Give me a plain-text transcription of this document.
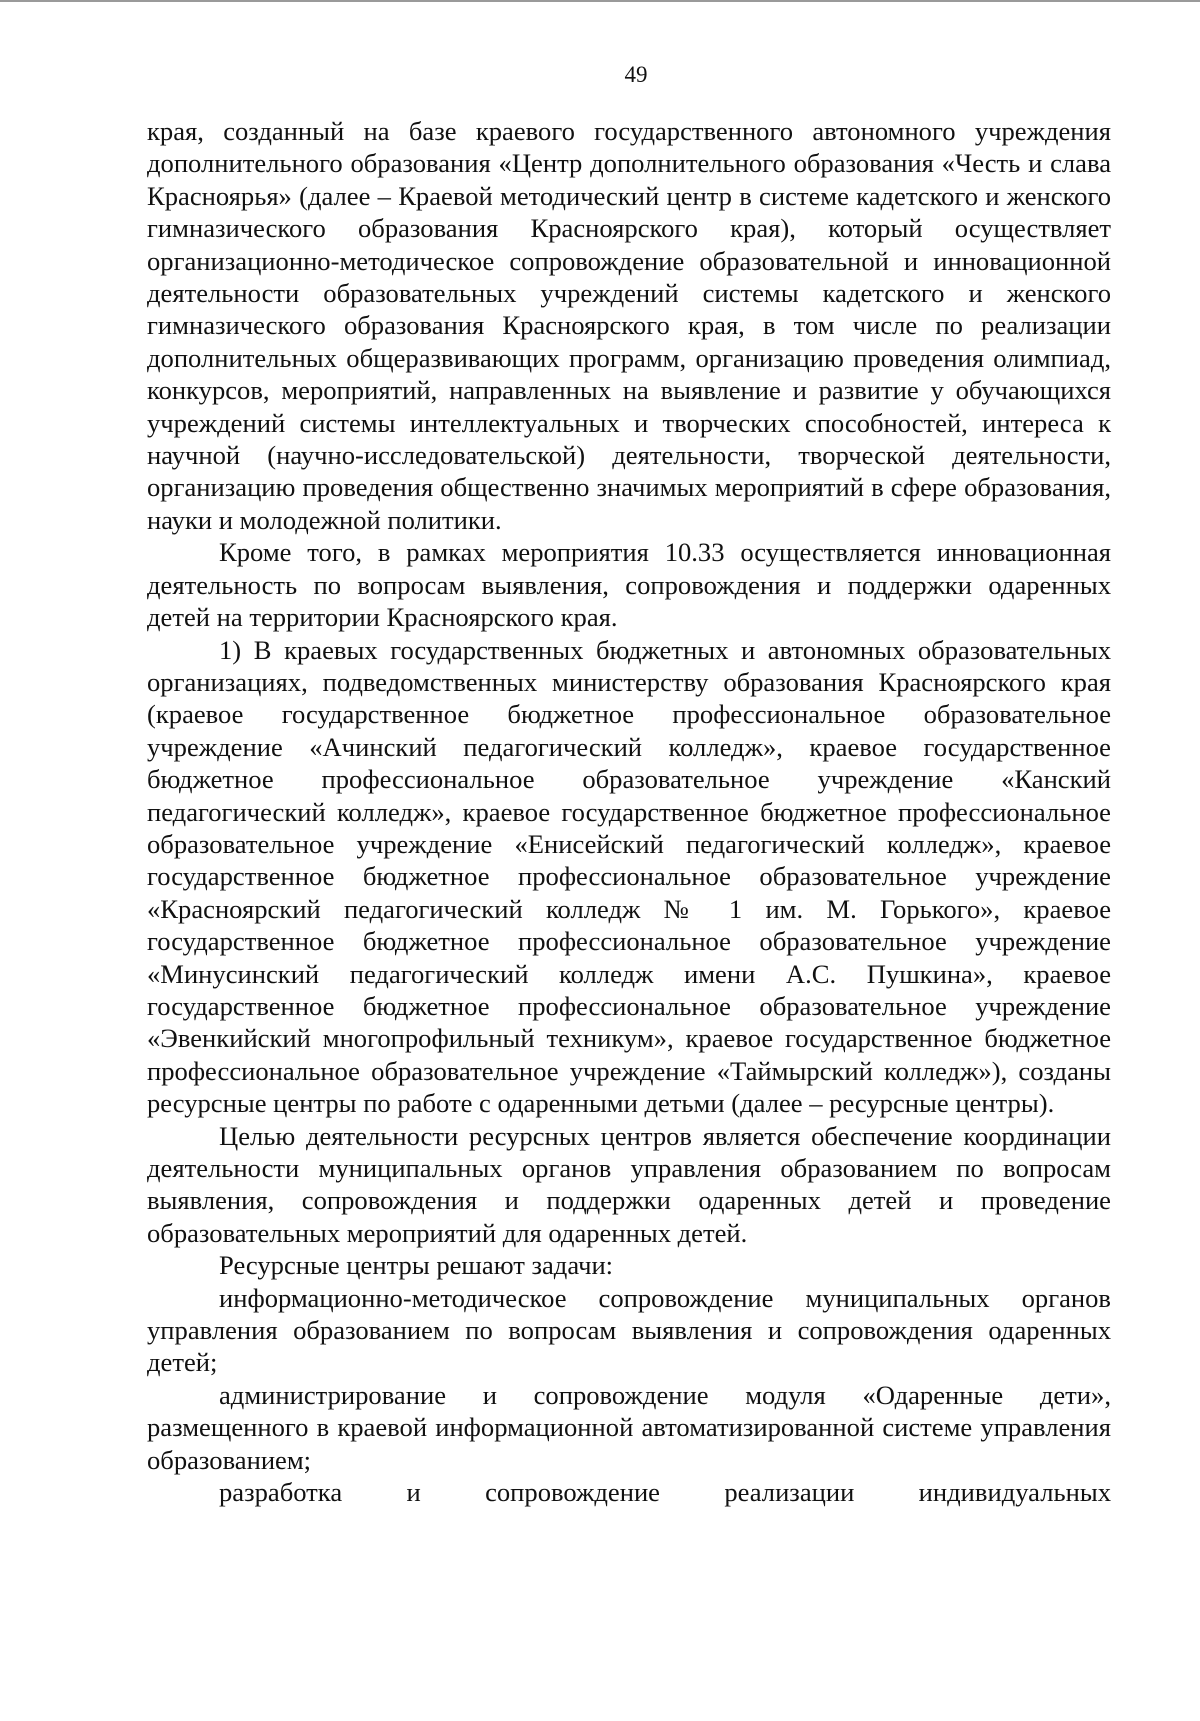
49

края, созданный на базе краевого государственного автономного учреждения дополнительного образования «Центр дополнительного образования «Честь и слава Красноярья» (далее – Краевой методический центр в системе кадетского и женского гимназического образования Красноярского края), который осуществляет организационно-методическое сопровождение образовательной и инновационной деятельности образовательных учреждений системы кадетского и женского гимназического образования Красноярского края, в том числе по реализации дополнительных общеразвивающих программ, организацию проведения олимпиад, конкурсов, мероприятий, направленных на выявление и развитие у обучающихся учреждений системы интеллектуальных и творческих способностей, интереса к научной (научно-исследовательской) деятельности, творческой деятельности, организацию проведения общественно значимых мероприятий в сфере образования, науки и молодежной политики.

Кроме того, в рамках мероприятия 10.33 осуществляется инновационная деятельность по вопросам выявления, сопровождения и поддержки одаренных детей на территории Красноярского края.

1) В краевых государственных бюджетных и автономных образовательных организациях, подведомственных министерству образования Красноярского края (краевое государственное бюджетное профессиональное образовательное учреждение «Ачинский педагогический колледж», краевое государственное бюджетное профессиональное образовательное учреждение «Канский педагогический колледж», краевое государственное бюджетное профессиональное образовательное учреждение «Енисейский педагогический колледж», краевое государственное бюджетное профессиональное образовательное учреждение «Красноярский педагогический колледж № 1 им. М. Горького», краевое государственное бюджетное профессиональное образовательное учреждение «Минусинский педагогический колледж имени А.С. Пушкина», краевое государственное бюджетное профессиональное образовательное учреждение «Эвенкийский многопрофильный техникум», краевое государственное бюджетное профессиональное образовательное учреждение «Таймырский колледж»), созданы ресурсные центры по работе с одаренными детьми (далее – ресурсные центры).

Целью деятельности ресурсных центров является обеспечение координации деятельности муниципальных органов управления образованием по вопросам выявления, сопровождения и поддержки одаренных детей и проведение образовательных мероприятий для одаренных детей.

Ресурсные центры решают задачи:

информационно-методическое сопровождение муниципальных органов управления образованием по вопросам выявления и сопровождения одаренных детей;

администрирование и сопровождение модуля «Одаренные дети», размещенного в краевой информационной автоматизированной системе управления образованием;

разработка и сопровождение реализации индивидуальных
